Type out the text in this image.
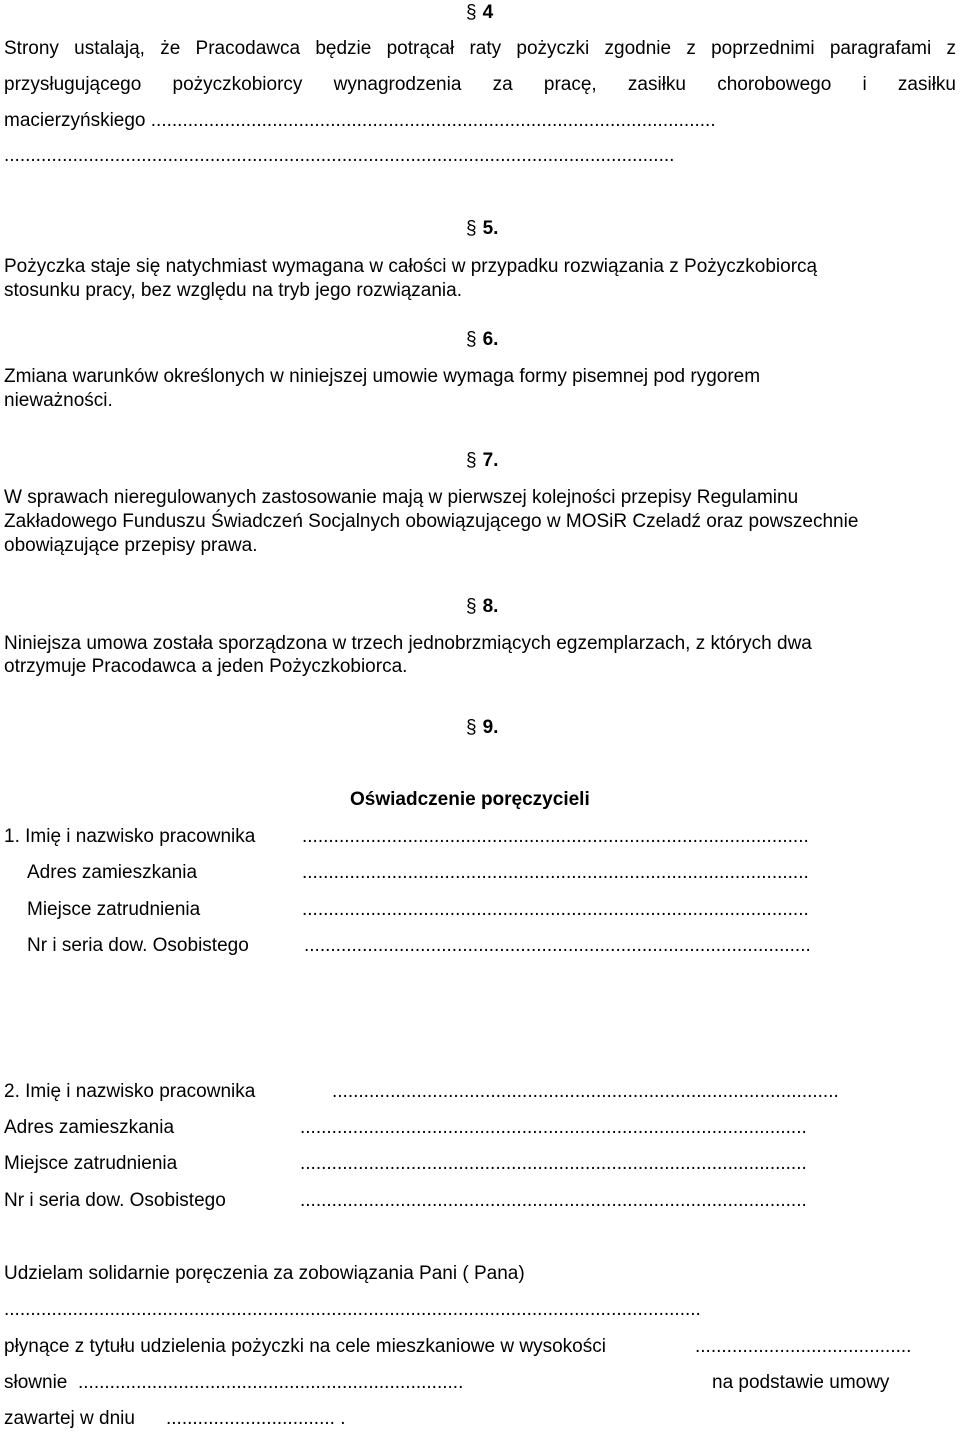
§ 4
Strony ustalają, że Pracodawca będzie potrącał raty pożyczki zgodnie z poprzednimi paragrafami z
przysługującego pożyczkobiorcy wynagrodzenia za pracę, zasiłku chorobowego i zasiłku
macierzyńskiego ...........................................................................................................
...............................................................................................................................
§ 5.
Pożyczka staje się natychmiast wymagana w całości w przypadku rozwiązania z Pożyczkobiorcą
stosunku pracy, bez względu na tryb jego rozwiązania.
§ 6.
Zmiana warunków określonych w niniejszej umowie wymaga formy pisemnej pod rygorem
nieważności.
§ 7.
W sprawach nieregulowanych zastosowanie mają w pierwszej kolejności przepisy Regulaminu
Zakładowego Funduszu Świadczeń Socjalnych obowiązującego w MOSiR Czeladź oraz powszechnie
obowiązujące przepisy prawa.
§ 8.
Niniejsza umowa została sporządzona w trzech jednobrzmiących egzemplarzach, z których dwa
otrzymuje Pracodawca a jeden Pożyczkobiorca.
§ 9.
Oświadczenie poręczycieli
1. Imię i nazwisko pracownika ................................................................................................
Adres zamieszkania	................................................................................................
Miejsce zatrudnienia	................................................................................................
Nr i seria dow. Osobistego	................................................................................................
2. Imię i nazwisko pracownika	................................................................................................
Adres zamieszkania	................................................................................................
Miejsce zatrudnienia	................................................................................................
Nr i seria dow. Osobistego	................................................................................................
Udzielam solidarnie poręczenia za zobowiązania Pani ( Pana)
....................................................................................................................................
płynące z tytułu udzielenia pożyczki na cele mieszkaniowe w wysokości	.........................................
słownie .........................................................................	na podstawie umowy
zawartej w dniu ................................ .
